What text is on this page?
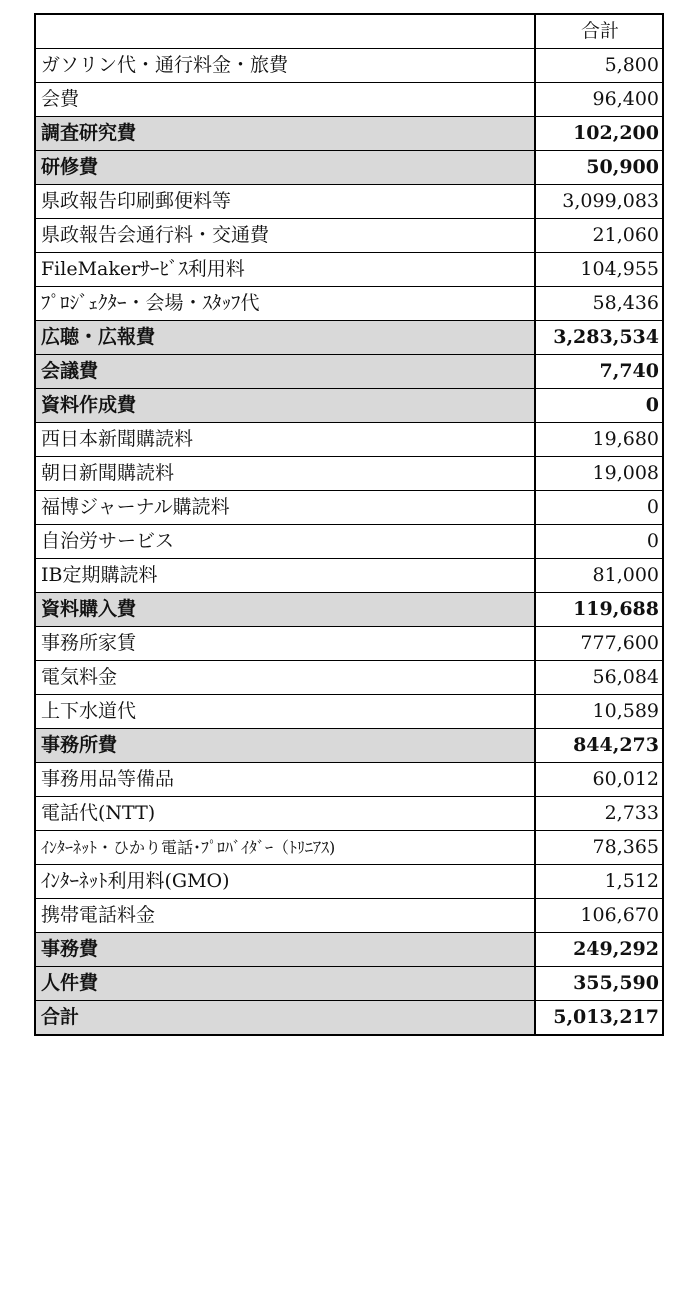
	合計
ガソリン代・通行料金・旅費	5,800
会費	96,400
調査研究費	102,200
研修費	50,900
県政報告印刷郵便料等	3,099,083
県政報告会通行料・交通費	21,060
FileMakerｻｰﾋﾞｽ利用料	104,955
ﾌﾟﾛｼﾞｪｸﾀｰ・会場・ｽﾀｯﾌ代	58,436
広聴・広報費	3,283,534
会議費	7,740
資料作成費	0
西日本新聞購読料	19,680
朝日新聞購読料	19,008
福博ジャーナル購読料	0
自治労サービス	0
IB定期購読料	81,000
資料購入費	119,688
事務所家賃	777,600
電気料金	56,084
上下水道代	10,589
事務所費	844,273
事務用品等備品	60,012
電話代(NTT)	2,733
ｲﾝﾀｰﾈｯﾄ・ひかり電話･ﾌﾟﾛﾊﾞｲﾀﾞｰ（ﾄﾘﾆｱｽ)	78,365
ｲﾝﾀｰﾈｯﾄ利用料(GMO)	1,512
携帯電話料金	106,670
事務費	249,292
人件費	355,590
合計	5,013,217
